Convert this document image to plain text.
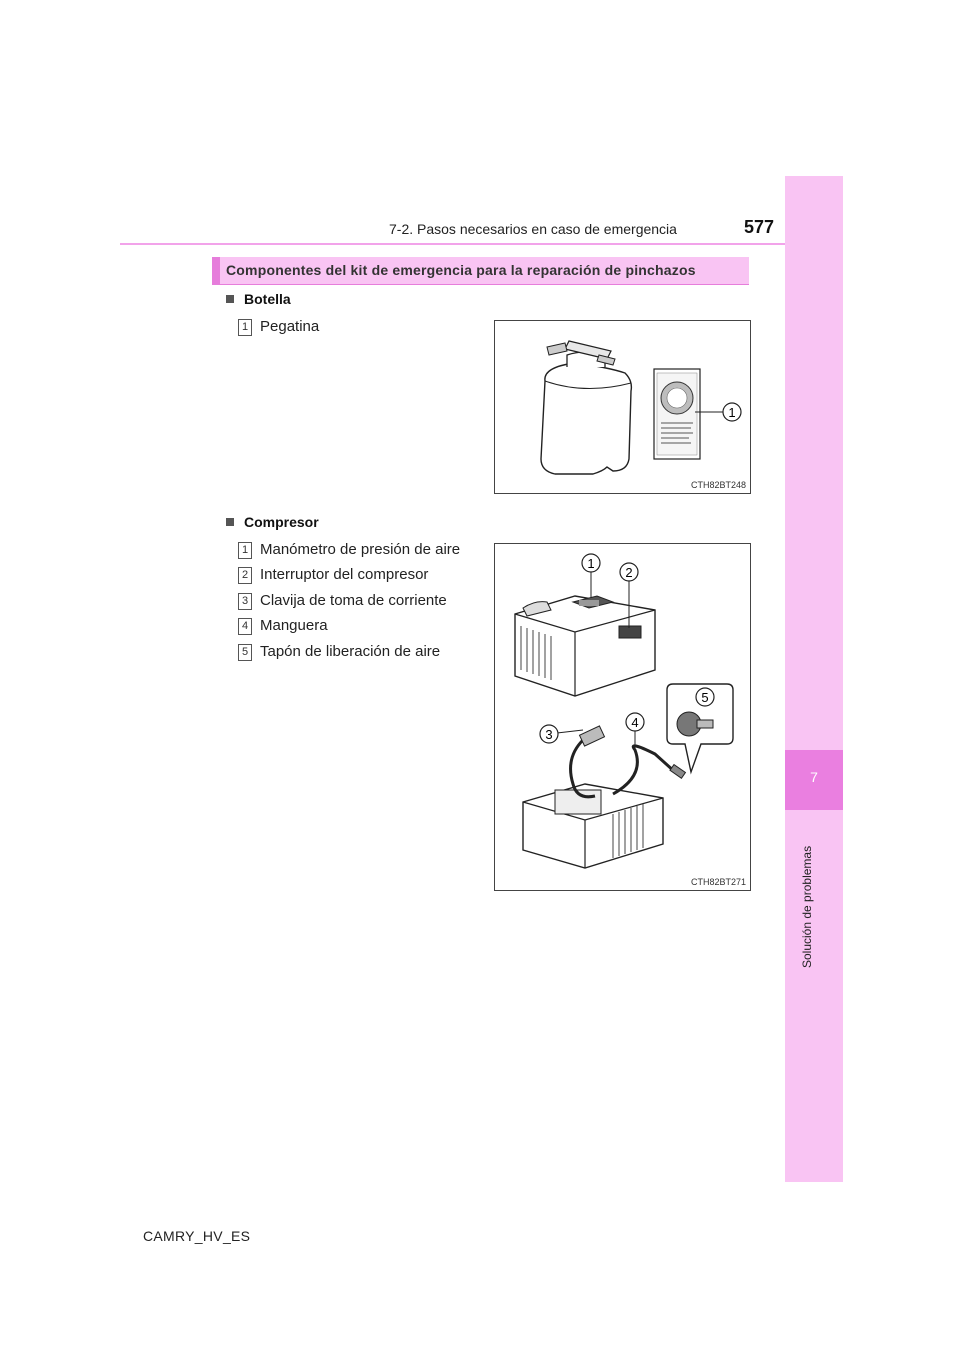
7
Solución de problemas
7-2. Pasos necesarios en caso de emergencia	577
Componentes del kit de emergencia para la reparación de pinchazos
Botella
1 Pegatina
1
CTH82BT248
Compresor
1 Manómetro de presión de aire
2 Interruptor del compresor
3 Clavija de toma de corriente
4 Manguera
5 Tapón de liberación de aire
1
2
3
4
5
CTH82BT271
CAMRY_HV_ES
